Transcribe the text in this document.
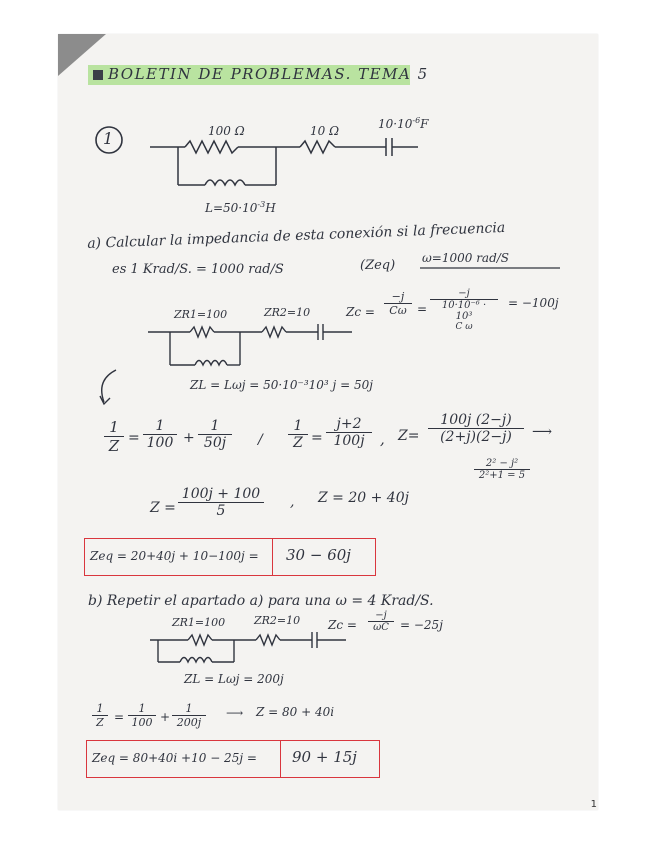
BOLETIN DE PROBLEMAS. TEMA 5
1	100 Ω	10 Ω	$10\cdot 10^{-6}F$
$L=50\cdot 10^{-3}H$
a) Calcular la impedancia de esta conexión si la frecuencia
es 1 Krad/S. = 1000 rad/S	(Zeq) ω=1000 rad/S
ZR1=100	ZR2=10	$Zc = \frac{-j}{C\omega}$ =
−j
10·10⁻⁶ · 10³
C ω
= −100j
ZL = Lωj = 50·10⁻³10³ j = 50j
$\frac{1}{Z} = \frac{1}{100} + \frac{1}{50j} / \frac{1}{Z} = \frac{j+2}{100j}$ , $Z= \frac{100j (2-j)}{(2+j)(2-j)}$ ⟶
$\frac{\text{2² − j²}}{\text{2²+1 = 5}}$
$Z = \frac{100j + 100}{5}$ , Z = 20 + 40j
Zeq = 20+40j + 10−100j = 30 − 60j
b) Repetir el apartado a) para una ω = 4 Krad/S.
ZR1=100	ZR2=10 $Zc = \frac{-j}{\omega C} = -25j$
ZL = Lωj = 200j
$\frac{1}{Z} = \frac{1}{100} + \frac{1}{200j}$ ⟶ Z = 80 + 40i
Zeq = 80+40i +10 − 25j = 90 + 15j
1
